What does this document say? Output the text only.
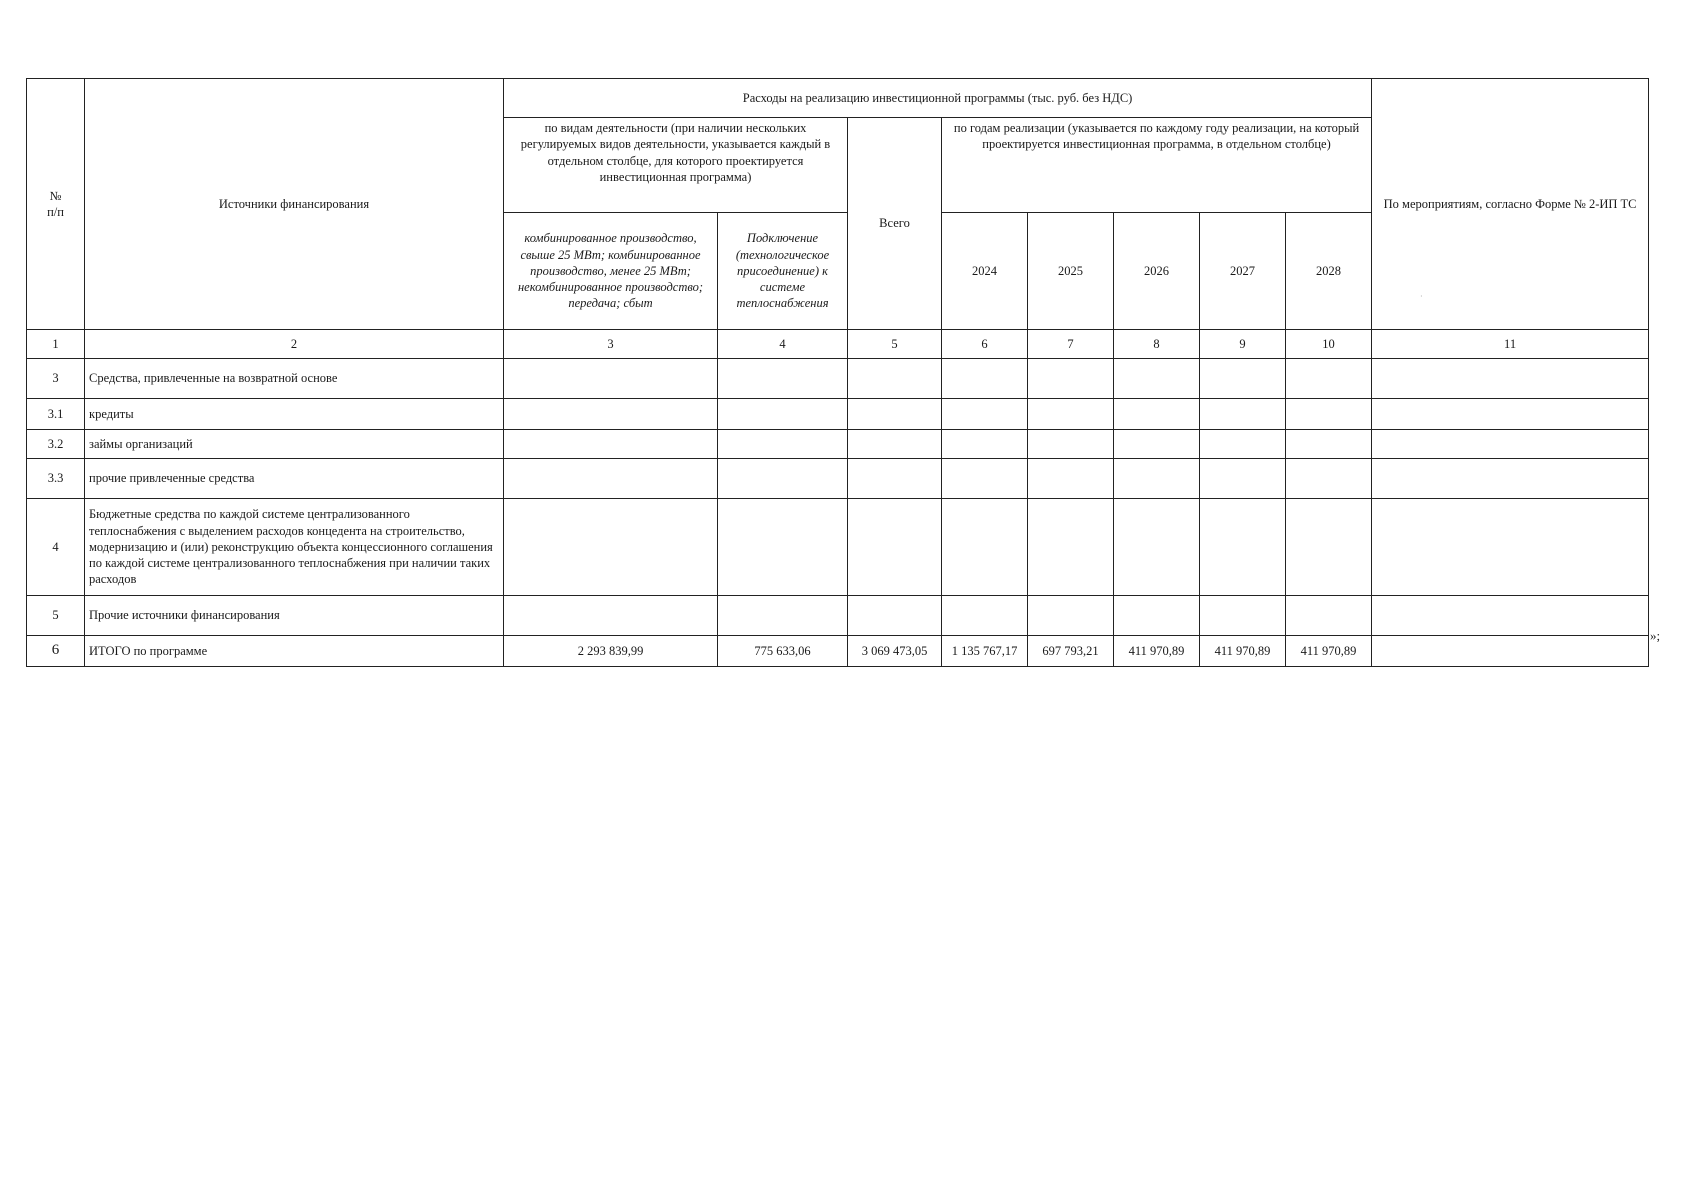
№
п/п	Источники финансирования	Расходы на реализацию инвестиционной программы (тыс. руб. без НДС)								По мероприятиям, согласно Форме № 2-ИП ТС
		по видам деятельности (при наличии нескольких регулируемых видов деятельности, указывается каждый в отдельном столбце, для которого проектируется инвестиционная программа)		Всего	по годам реализации (указывается по каждому году реализации, на который проектируется инвестиционная программа, в отдельном столбце)					
		комбинированное производство, свыше 25 МВт; комбинированное производство, менее 25 МВт; некомбинированное производство; передача; сбыт	Подключение (технологическое присоединение) к системе теплоснабжения		2024	2025	2026	2027	2028	
1	2	3	4	5	6	7	8	9	10	11
3	Средства, привлеченные на возвратной основе									
3.1	кредиты									
3.2	займы организаций									
3.3	прочие привлеченные средства									
4	Бюджетные средства по каждой системе централизованного теплоснабжения с выделением расходов концедента на строительство, модернизацию и (или) реконструкцию объекта концессионного соглашения по каждой системе централизованного теплоснабжения при наличии таких расходов									
5	Прочие источники финансирования									
6	ИТОГО по программе	2 293 839,99	775 633,06	3 069 473,05	1 135 767,17	697 793,21	411 970,89	411 970,89	411 970,89	
»;
·
